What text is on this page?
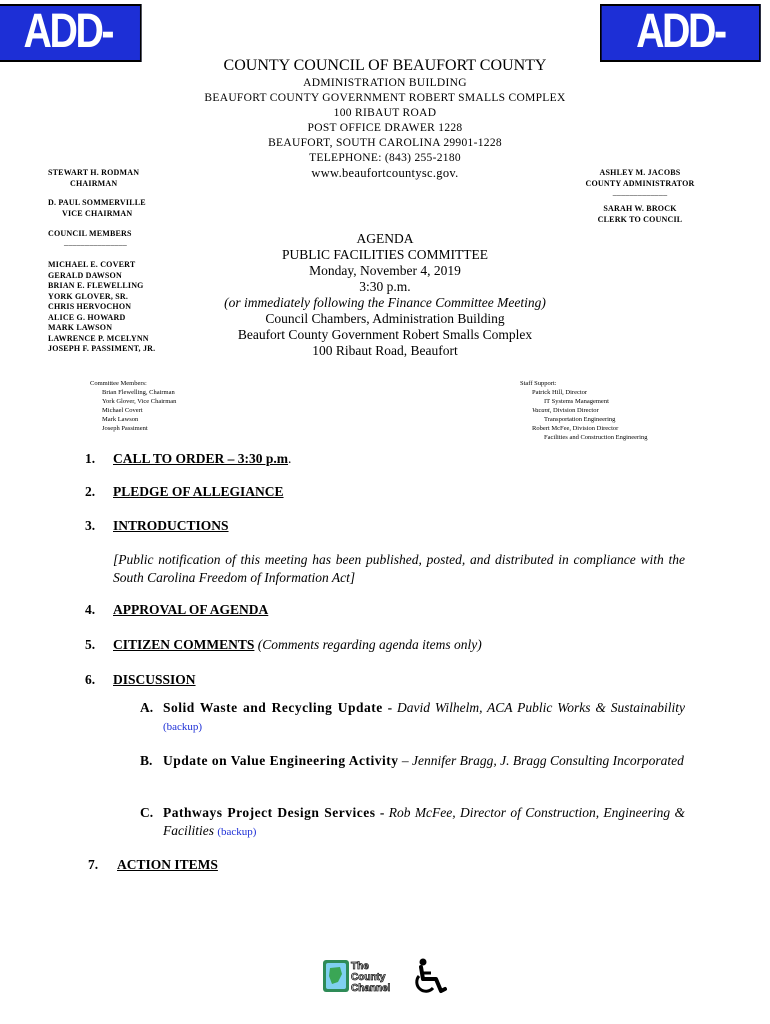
ADD-ONS
ADD-ONS
COUNTY COUNCIL OF BEAUFORT COUNTY
ADMINISTRATION BUILDING
BEAUFORT COUNTY GOVERNMENT ROBERT SMALLS COMPLEX
100 RIBAUT ROAD
POST OFFICE DRAWER 1228
BEAUFORT, SOUTH CAROLINA 29901-1228
TELEPHONE: (843) 255-2180
www.beaufortcountysc.gov.
STEWART H. RODMAN
CHAIRMAN
D. PAUL SOMMERVILLE
VICE CHAIRMAN
COUNCIL MEMBERS
_______________
MICHAEL E. COVERT
GERALD DAWSON
BRIAN E. FLEWELLING
YORK GLOVER, SR.
CHRIS HERVOCHON
ALICE G. HOWARD
MARK LAWSON
LAWRENCE P. MCELYNN
JOSEPH F. PASSIMENT, JR.
ASHLEY M. JACOBS
COUNTY ADMINISTRATOR
_____________
SARAH W. BROCK
CLERK TO COUNCIL
AGENDA
PUBLIC FACILITIES COMMITTEE
Monday, November 4, 2019
3:30 p.m.
(or immediately following the Finance Committee Meeting)
Council Chambers, Administration Building
Beaufort County Government Robert Smalls Complex
100 Ribaut Road, Beaufort
Committee Members:
Brian Flewelling, Chairman
York Glover, Vice Chairman
Michael Covert
Mark Lawson
Joseph Passiment
Staff Support:
Patrick Hill, Director
IT Systems Management
Vacant, Division Director
Transportation Engineering
Robert McFee, Division Director
Facilities and Construction Engineering
1. CALL TO ORDER – 3:30 p.m.
2. PLEDGE OF ALLEGIANCE
3. INTRODUCTIONS
[Public notification of this meeting has been published, posted, and distributed in compliance with the South Carolina Freedom of Information Act]
4. APPROVAL OF AGENDA
5. CITIZEN COMMENTS (Comments regarding agenda items only)
6. DISCUSSION
A. Solid Waste and Recycling Update - David Wilhelm, ACA Public Works & Sustainability (backup)
B. Update on Value Engineering Activity – Jennifer Bragg, J. Bragg Consulting Incorporated
C. Pathways Project Design Services - Rob McFee, Director of Construction, Engineering & Facilities (backup)
7. ACTION ITEMS
The
County
Channel
